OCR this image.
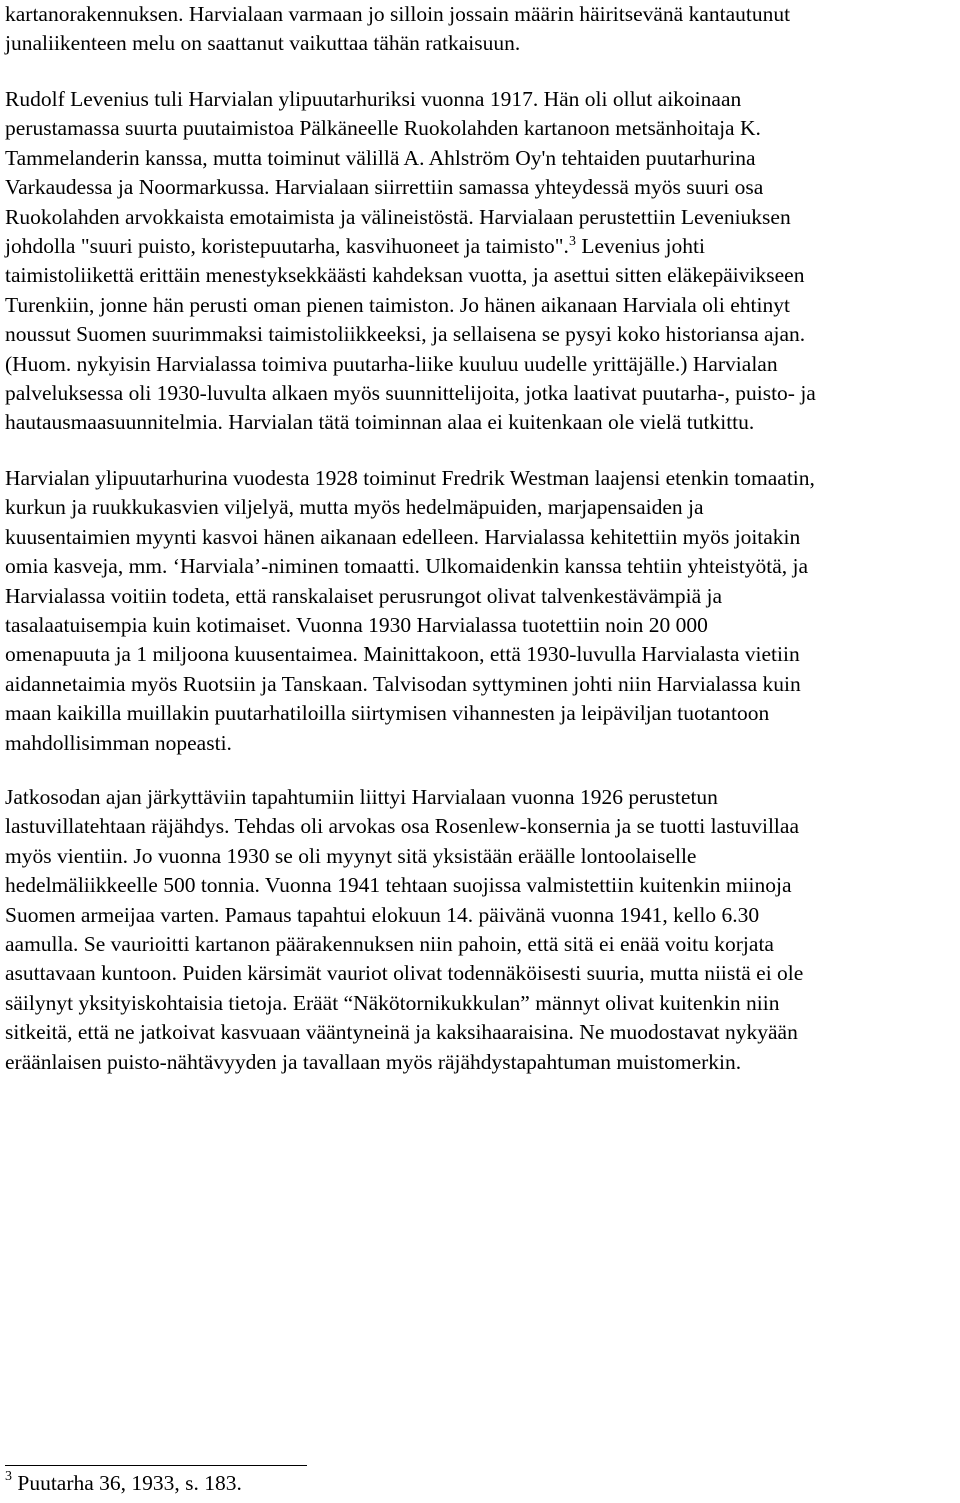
kartanorakennuksen. Harvialaan varmaan jo silloin jossain määrin häiritsevänä kantautunut
junaliikenteen melu on saattanut vaikuttaa tähän ratkaisuun.

Rudolf Levenius tuli Harvialan ylipuutarhuriksi vuonna 1917. Hän oli ollut aikoinaan
perustamassa suurta puutaimistoa Pälkäneelle Ruokolahden kartanoon metsänhoitaja K.
Tammelanderin kanssa, mutta toiminut välillä A. Ahlström Oy'n tehtaiden puutarhurina
Varkaudessa ja Noormarkussa. Harvialaan siirrettiin samassa yhteydessä myös suuri osa
Ruokolahden arvokkaista emotaimista ja välineistöstä. Harvialaan perustettiin Leveniuksen
johdolla "suuri puisto, koristepuutarha, kasvihuoneet ja taimisto".$^3$ Levenius johti
taimistoliikettä erittäin menestyksekkäästi kahdeksan vuotta, ja asettui sitten eläkepäivikseen
Turenkiin, jonne hän perusti oman pienen taimiston. Jo hänen aikanaan Harviala oli ehtinyt
noussut Suomen suurimmaksi taimistoliikkeeksi, ja sellaisena se pysyi koko historiansa ajan.
(Huom. nykyisin Harvialassa toimiva puutarha-liike kuuluu uudelle yrittäjälle.) Harvialan
palveluksessa oli 1930-luvulta alkaen myös suunnittelijoita, jotka laativat puutarha-, puisto- ja
hautausmaasuunnitelmia. Harvialan tätä toiminnan alaa ei kuitenkaan ole vielä tutkittu.

Harvialan ylipuutarhurina vuodesta 1928 toiminut Fredrik Westman laajensi etenkin tomaatin,
kurkun ja ruukkukasvien viljelyä, mutta myös hedelmäpuiden, marjapensaiden ja
kuusentaimien myynti kasvoi hänen aikanaan edelleen. Harvialassa kehitettiin myös joitakin
omia kasveja, mm. ‘Harviala’-niminen tomaatti. Ulkomaidenkin kanssa tehtiin yhteistyötä, ja
Harvialassa voitiin todeta, että ranskalaiset perusrungot olivat talvenkestävämpiä ja
tasalaatuisempia kuin kotimaiset. Vuonna 1930 Harvialassa tuotettiin noin 20 000
omenapuuta ja 1 miljoona kuusentaimea. Mainittakoon, että 1930-luvulla Harvialasta vietiin
aidannetaimia myös Ruotsiin ja Tanskaan. Talvisodan syttyminen johti niin Harvialassa kuin
maan kaikilla muillakin puutarhatiloilla siirtymisen vihannesten ja leipäviljan tuotantoon
mahdollisimman nopeasti.

Jatkosodan ajan järkyttäviin tapahtumiin liittyi Harvialaan vuonna 1926 perustetun
lastuvillatehtaan räjähdys. Tehdas oli arvokas osa Rosenlew-konsernia ja se tuotti lastuvillaa
myös vientiin. Jo vuonna 1930 se oli myynyt sitä yksistään eräälle lontoolaiselle
hedelmäliikkeelle 500 tonnia. Vuonna 1941 tehtaan suojissa valmistettiin kuitenkin miinoja
Suomen armeijaa varten. Pamaus tapahtui elokuun 14. päivänä vuonna 1941, kello 6.30
aamulla. Se vaurioitti kartanon päärakennuksen niin pahoin, että sitä ei enää voitu korjata
asuttavaan kuntoon. Puiden kärsimät vauriot olivat todennäköisesti suuria, mutta niistä ei ole
säilynyt yksityiskohtaisia tietoja. Eräät “Näkötornikukkulan” männyt olivat kuitenkin niin
sitkeitä, että ne jatkoivat kasvuaan vääntyneinä ja kaksihaaraisina. Ne muodostavat nykyään
eräänlaisen puisto-nähtävyyden ja tavallaan myös räjähdystapahtuman muistomerkin.

$^3$ Puutarha 36, 1933, s. 183.
